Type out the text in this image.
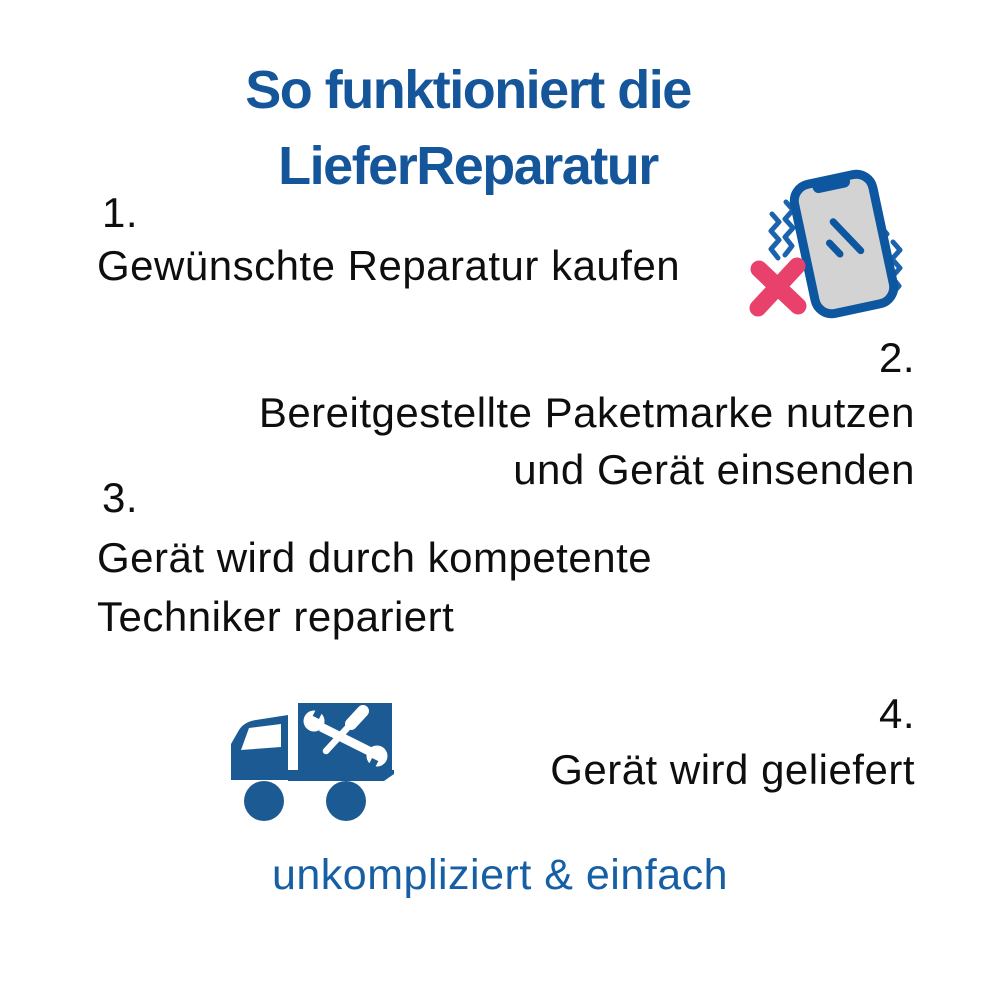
So funktioniert die
LieferReparatur
1.
Gewünschte Reparatur kaufen
2.
Bereitgestellte Paketmarke nutzen
und Gerät einsenden
3.
Gerät wird durch kompetente
Techniker repariert
4.
Gerät wird geliefert
unkompliziert & einfach
